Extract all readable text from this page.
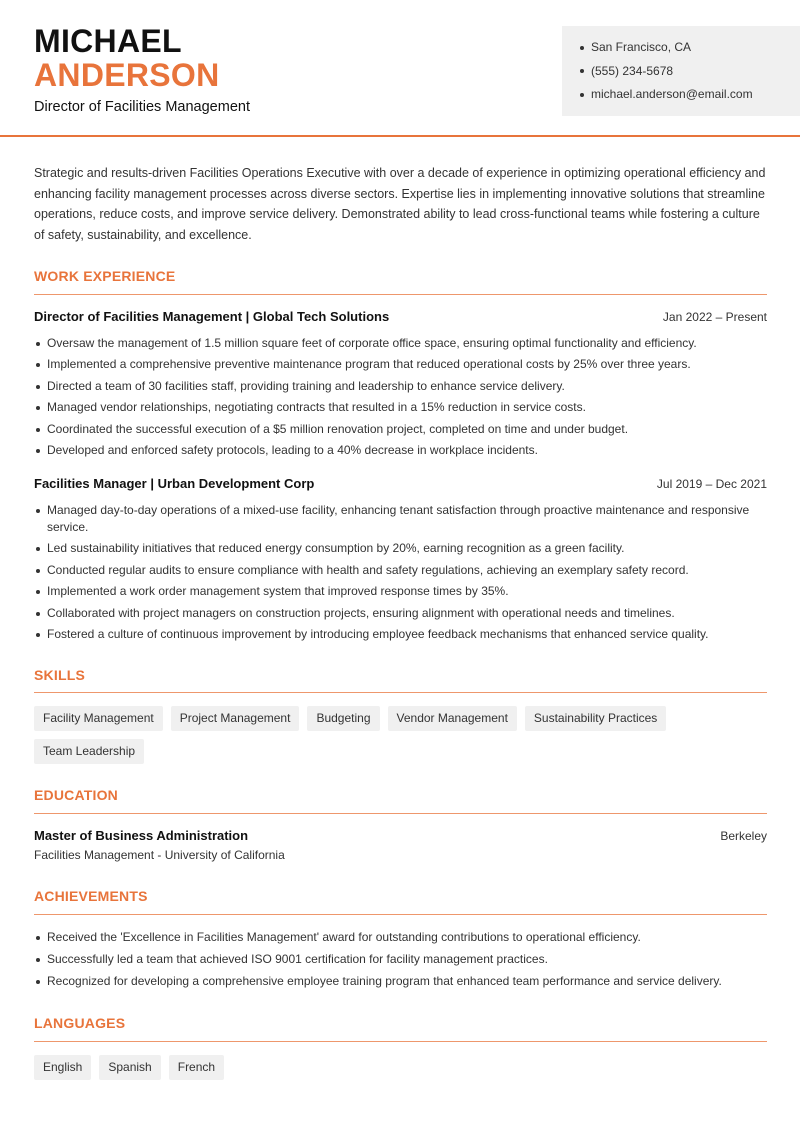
MICHAEL
ANDERSON
Director of Facilities Management
San Francisco, CA
(555) 234-5678
michael.anderson@email.com

Strategic and results-driven Facilities Operations Executive with over a decade of experience in optimizing operational efficiency and enhancing facility management processes across diverse sectors. Expertise lies in implementing innovative solutions that streamline operations, reduce costs, and improve service delivery. Demonstrated ability to lead cross-functional teams while fostering a culture of safety, sustainability, and excellence.

WORK EXPERIENCE
Director of Facilities Management | Global Tech Solutions	Jan 2022 – Present
Oversaw the management of 1.5 million square feet of corporate office space, ensuring optimal functionality and efficiency.
Implemented a comprehensive preventive maintenance program that reduced operational costs by 25% over three years.
Directed a team of 30 facilities staff, providing training and leadership to enhance service delivery.
Managed vendor relationships, negotiating contracts that resulted in a 15% reduction in service costs.
Coordinated the successful execution of a $5 million renovation project, completed on time and under budget.
Developed and enforced safety protocols, leading to a 40% decrease in workplace incidents.
Facilities Manager | Urban Development Corp	Jul 2019 – Dec 2021
Managed day-to-day operations of a mixed-use facility, enhancing tenant satisfaction through proactive maintenance and responsive service.
Led sustainability initiatives that reduced energy consumption by 20%, earning recognition as a green facility.
Conducted regular audits to ensure compliance with health and safety regulations, achieving an exemplary safety record.
Implemented a work order management system that improved response times by 35%.
Collaborated with project managers on construction projects, ensuring alignment with operational needs and timelines.
Fostered a culture of continuous improvement by introducing employee feedback mechanisms that enhanced service quality.
SKILLS
Facility Management	Project Management	Budgeting	Vendor Management	Sustainability Practices
Team Leadership
EDUCATION
Master of Business Administration	Berkeley
Facilities Management - University of California
ACHIEVEMENTS
Received the 'Excellence in Facilities Management' award for outstanding contributions to operational efficiency.
Successfully led a team that achieved ISO 9001 certification for facility management practices.
Recognized for developing a comprehensive employee training program that enhanced team performance and service delivery.
LANGUAGES
English	Spanish	French
